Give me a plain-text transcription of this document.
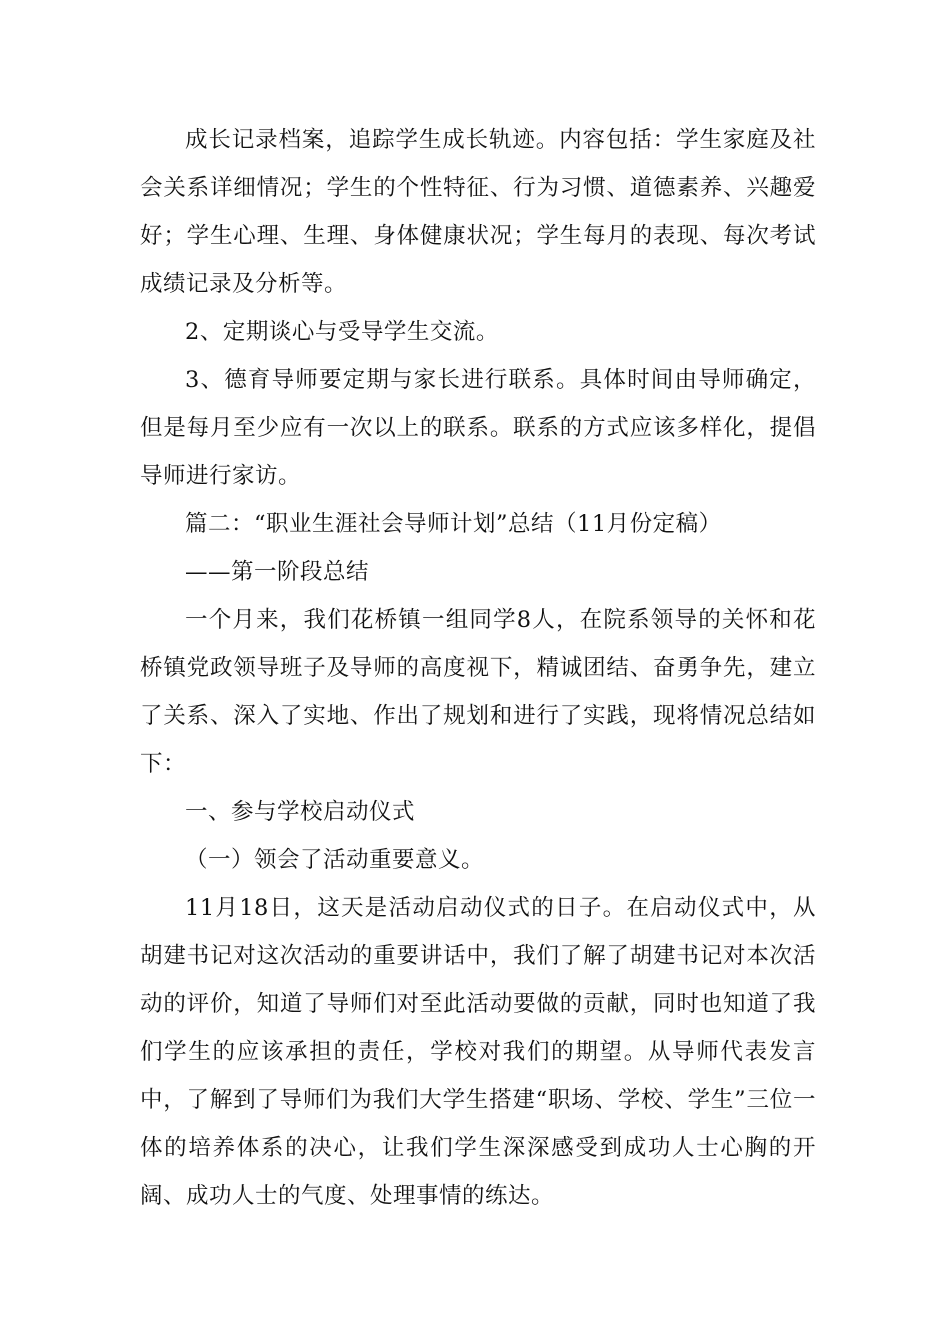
成长记录档案，追踪学生成长轨迹。内容包括：学生家庭及社会关系详细情况；学生的个性特征、行为习惯、道德素养、兴趣爱好；学生心理、生理、身体健康状况；学生每月的表现、每次考试成绩记录及分析等。

2、定期谈心与受导学生交流。

3、德育导师要定期与家长进行联系。具体时间由导师确定，但是每月至少应有一次以上的联系。联系的方式应该多样化，提倡导师进行家访。

篇二：“职业生涯社会导师计划”总结（11月份定稿）

——第一阶段总结

一个月来，我们花桥镇一组同学8人，在院系领导的关怀和花桥镇党政领导班子及导师的高度视下，精诚团结、奋勇争先，建立了关系、深入了实地、作出了规划和进行了实践，现将情况总结如下：

一、参与学校启动仪式

（一）领会了活动重要意义。

11月18日，这天是活动启动仪式的日子。在启动仪式中，从胡建书记对这次活动的重要讲话中，我们了解了胡建书记对本次活动的评价，知道了导师们对至此活动要做的贡献，同时也知道了我们学生的应该承担的责任，学校对我们的期望。从导师代表发言中，了解到了导师们为我们大学生搭建“职场、学校、学生”三位一体的培养体系的决心，让我们学生深深感受到成功人士心胸的开阔、成功人士的气度、处理事情的练达。
